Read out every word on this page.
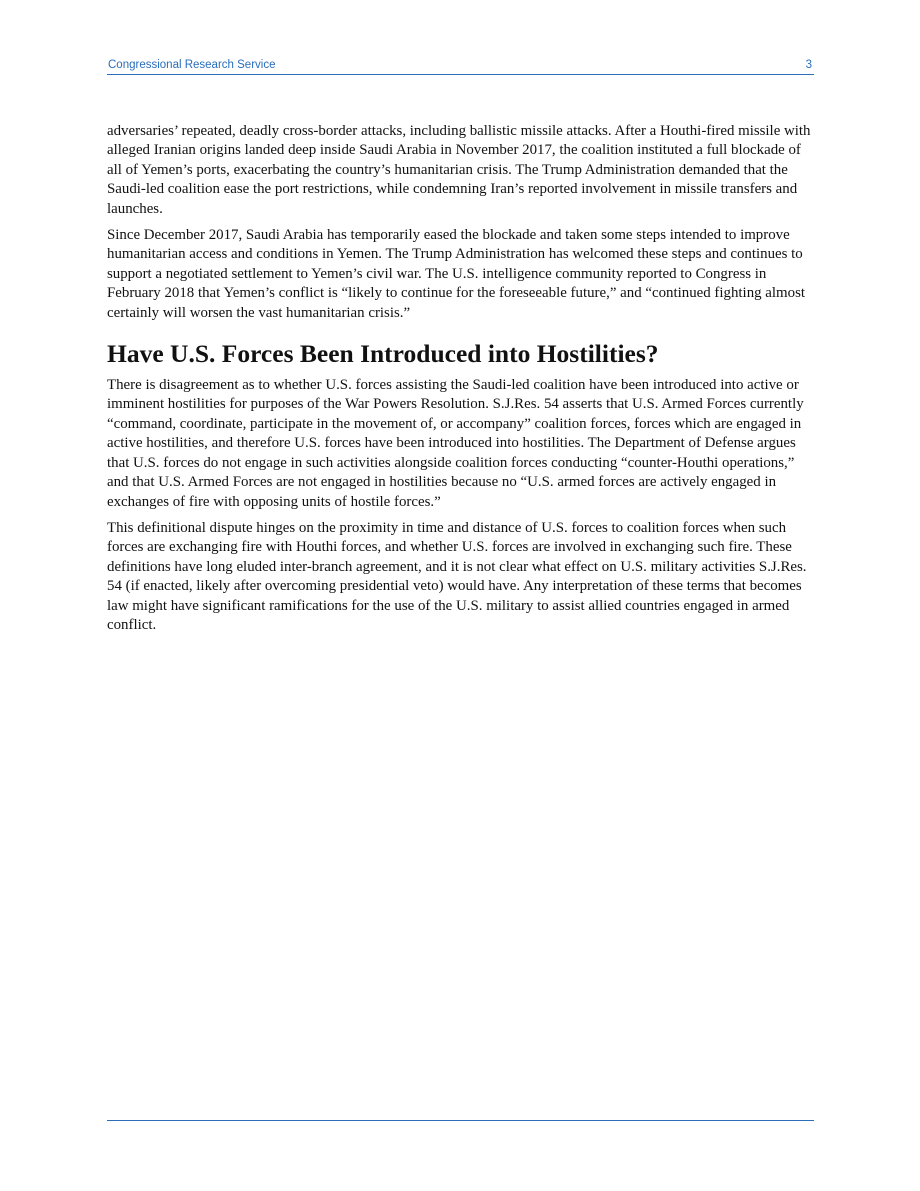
Congressional Research Service	3

adversaries’ repeated, deadly cross-border attacks, including ballistic missile attacks. After a Houthi-fired missile with alleged Iranian origins landed deep inside Saudi Arabia in November 2017, the coalition instituted a full blockade of all of Yemen’s ports, exacerbating the country’s humanitarian crisis. The Trump Administration demanded that the Saudi-led coalition ease the port restrictions, while condemning Iran’s reported involvement in missile transfers and launches.

Since December 2017, Saudi Arabia has temporarily eased the blockade and taken some steps intended to improve humanitarian access and conditions in Yemen. The Trump Administration has welcomed these steps and continues to support a negotiated settlement to Yemen’s civil war. The U.S. intelligence community reported to Congress in February 2018 that Yemen’s conflict is “likely to continue for the foreseeable future,” and “continued fighting almost certainly will worsen the vast humanitarian crisis.”

Have U.S. Forces Been Introduced into Hostilities?

There is disagreement as to whether U.S. forces assisting the Saudi-led coalition have been introduced into active or imminent hostilities for purposes of the War Powers Resolution. S.J.Res. 54 asserts that U.S. Armed Forces currently “command, coordinate, participate in the movement of, or accompany” coalition forces, forces which are engaged in active hostilities, and therefore U.S. forces have been introduced into hostilities. The Department of Defense argues that U.S. forces do not engage in such activities alongside coalition forces conducting “counter-Houthi operations,” and that U.S. Armed Forces are not engaged in hostilities because no “U.S. armed forces are actively engaged in exchanges of fire with opposing units of hostile forces.”

This definitional dispute hinges on the proximity in time and distance of U.S. forces to coalition forces when such forces are exchanging fire with Houthi forces, and whether U.S. forces are involved in exchanging such fire. These definitions have long eluded inter-branch agreement, and it is not clear what effect on U.S. military activities S.J.Res. 54 (if enacted, likely after overcoming presidential veto) would have. Any interpretation of these terms that becomes law might have significant ramifications for the use of the U.S. military to assist allied countries engaged in armed conflict.
